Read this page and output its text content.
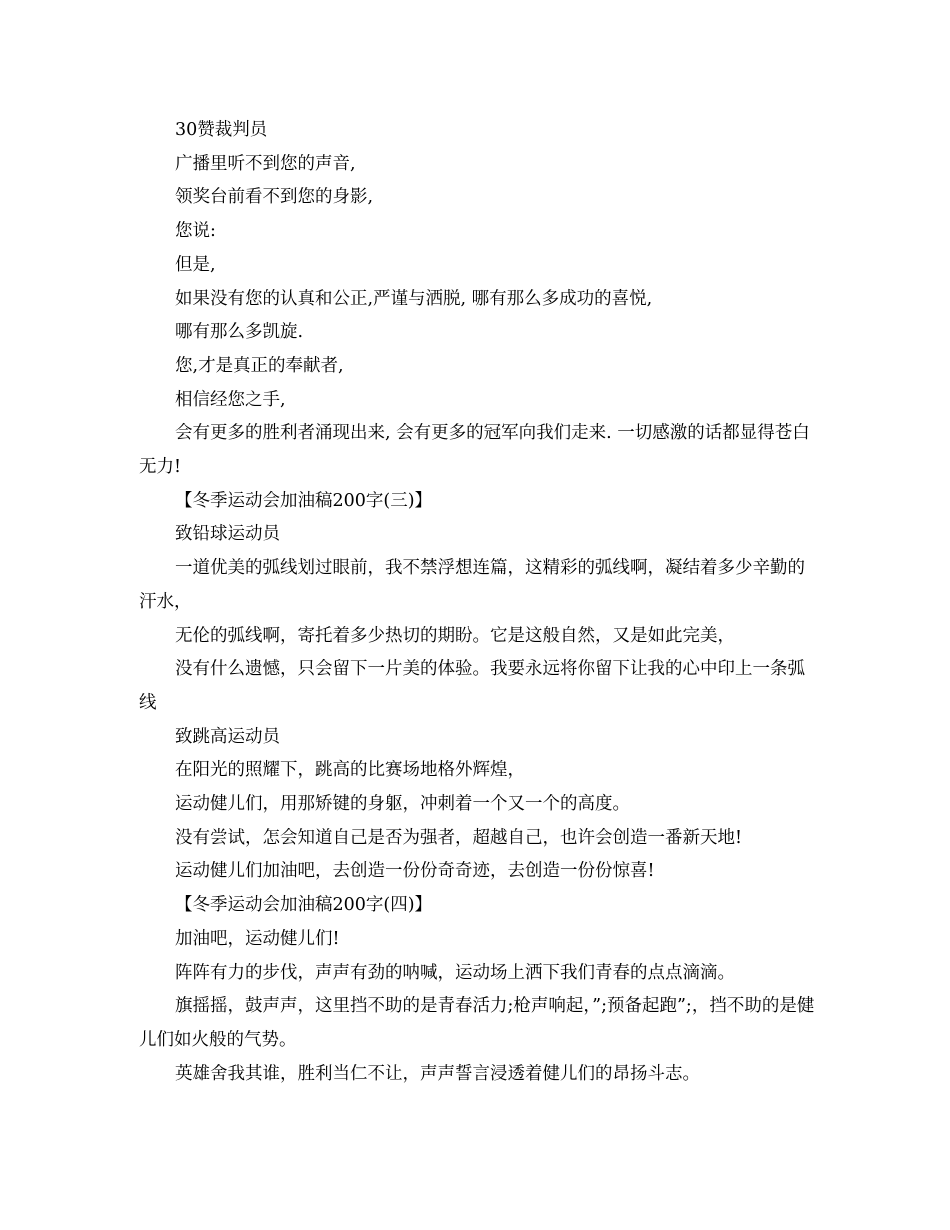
30赞裁判员

广播里听不到您的声音,

领奖台前看不到您的身影,

您说:

但是,

如果没有您的认真和公正,严谨与洒脱, 哪有那么多成功的喜悦,

哪有那么多凯旋.

您,才是真正的奉献者,

相信经您之手,

会有更多的胜利者涌现出来, 会有更多的冠军向我们走来. 一切感激的话都显得苍白无力!

【冬季运动会加油稿200字(三)】

致铅球运动员

一道优美的弧线划过眼前，我不禁浮想连篇，这精彩的弧线啊，凝结着多少辛勤的汗水，

无伦的弧线啊，寄托着多少热切的期盼。它是这般自然，又是如此完美，

没有什么遗憾，只会留下一片美的体验。我要永远将你留下让我的心中印上一条弧线

致跳高运动员

在阳光的照耀下，跳高的比赛场地格外辉煌，

运动健儿们，用那矫键的身躯，冲刺着一个又一个的高度。

没有尝试，怎会知道自己是否为强者，超越自己，也许会创造一番新天地!

运动健儿们加油吧，去创造一份份奇奇迹，去创造一份份惊喜!

【冬季运动会加油稿200字(四)】

加油吧，运动健儿们!

阵阵有力的步伐，声声有劲的呐喊，运动场上洒下我们青春的点点滴滴。

旗摇摇，鼓声声，这里挡不助的是青春活力;枪声响起，”;预备起跑”;，挡不助的是健儿们如火般的气势。

英雄舍我其谁，胜利当仁不让，声声誓言浸透着健儿们的昂扬斗志。
